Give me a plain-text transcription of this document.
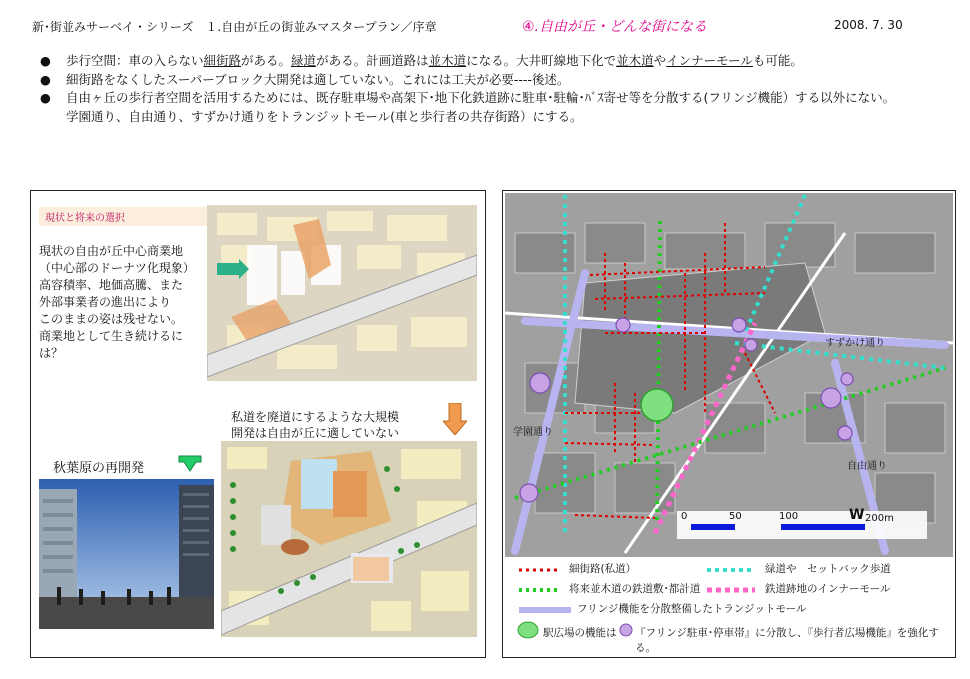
新･街並みサーベイ・シリーズ　１.自由が丘の街並みマスタープラン／序章	④.自由が丘・どんな街になる	2008. 7. 30
● 歩行空間：車の入らない細街路がある。緑道がある。計画道路は並木道になる。大井町線地下化で並木道やインナーモールも可能。
● 細街路をなくしたスーパーブロック大開発は適していない。これには工夫が必要----後述。
● 自由ヶ丘の歩行者空間を活用するためには、既存駐車場や高架下･地下化鉄道跡に駐車･駐輪･ﾊﾞｽ寄せ等を分散する(フリンジ機能）する以外にない。
学園通り、自由通り、すずかけ通りをトランジットモール(車と歩行者の共存街路）にする。
現状と将来の選択
現状の自由が丘中心商業地
（中心部のドーナツ化現象）
高容積率、地価高騰、また
外部事業者の進出により
このままの姿は残せない。
商業地として生き続けるに
は？
秋葉原の再開発
私道を廃道にするような大規模
開発は自由が丘に適していない
すずかけ通り
学園通り
自由通り
0	50	100	W 200m
細街路(私道）	緑道や　セットバック歩道
将来並木道の鉄道敷･都計道	鉄道跡地のインナーモール
フリンジ機能を分散整備したトランジットモール
駅広場の機能は 『フリンジ駐車･停車帯』に分散し、『歩行者広場機能』を強化する。
